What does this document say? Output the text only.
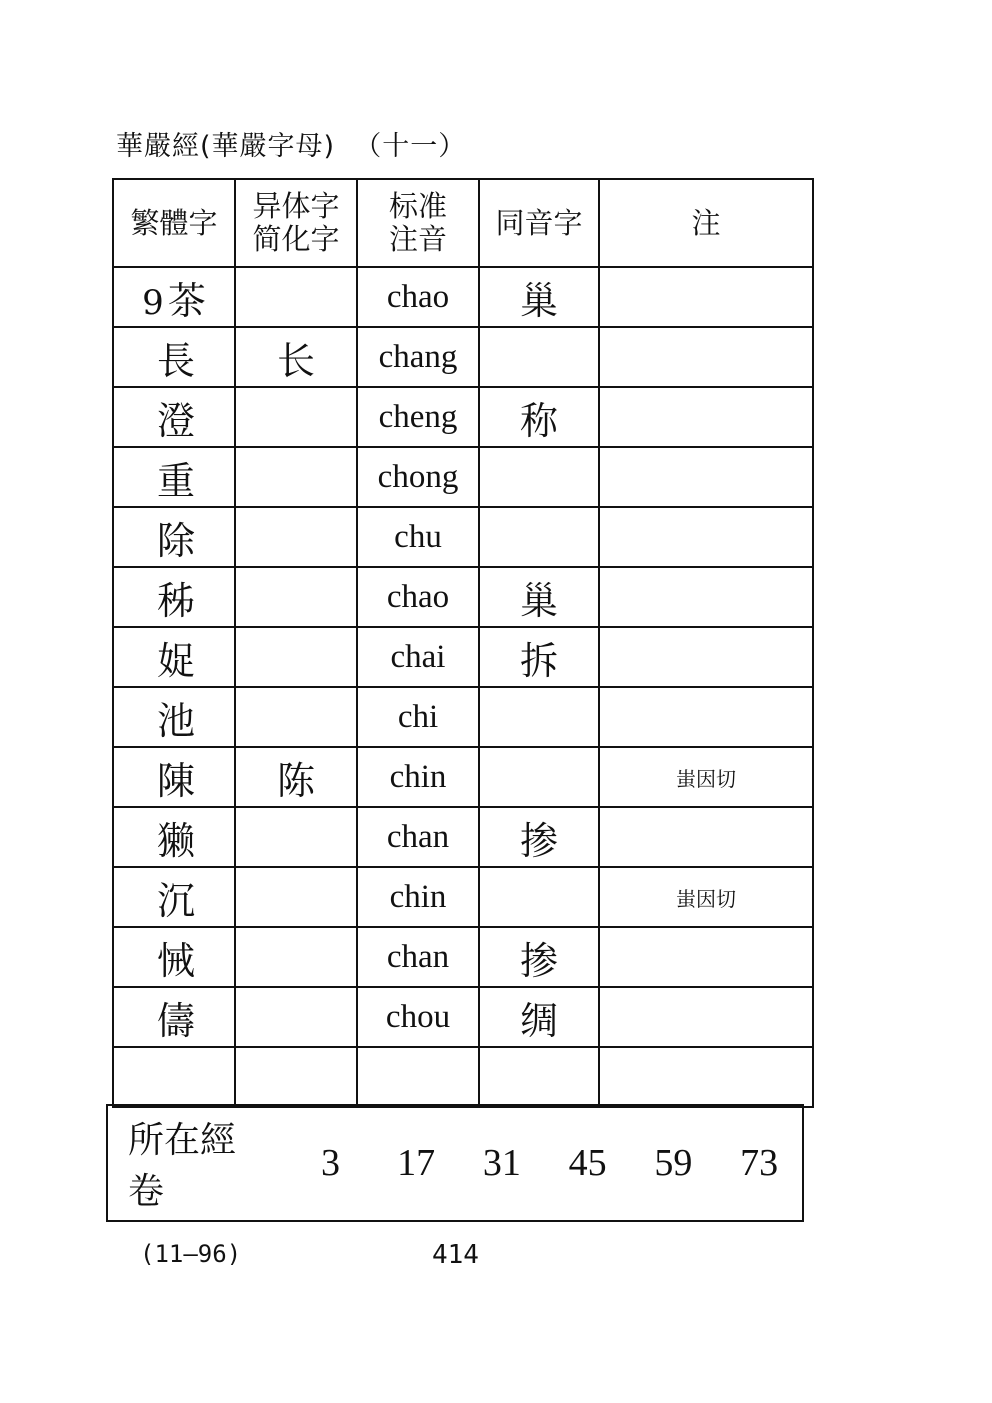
華嚴經(華嚴字母)  （十一）
繁體字	异体字简化字	标准注音	同音字	注
9 茶		chao	巢	
長	长	chang		
澄		cheng	称	
重		chong		
除		chu		
秭		chao	巢	
娖		chai	拆	
池		chi		
陳	陈	chin		蚩因切
獭		chan	掺	
沉		chin		蚩因切
悈		chan	掺	
儔		chou	绸	

所在經卷
3	17	31	45	59	73
(11—96)	414
